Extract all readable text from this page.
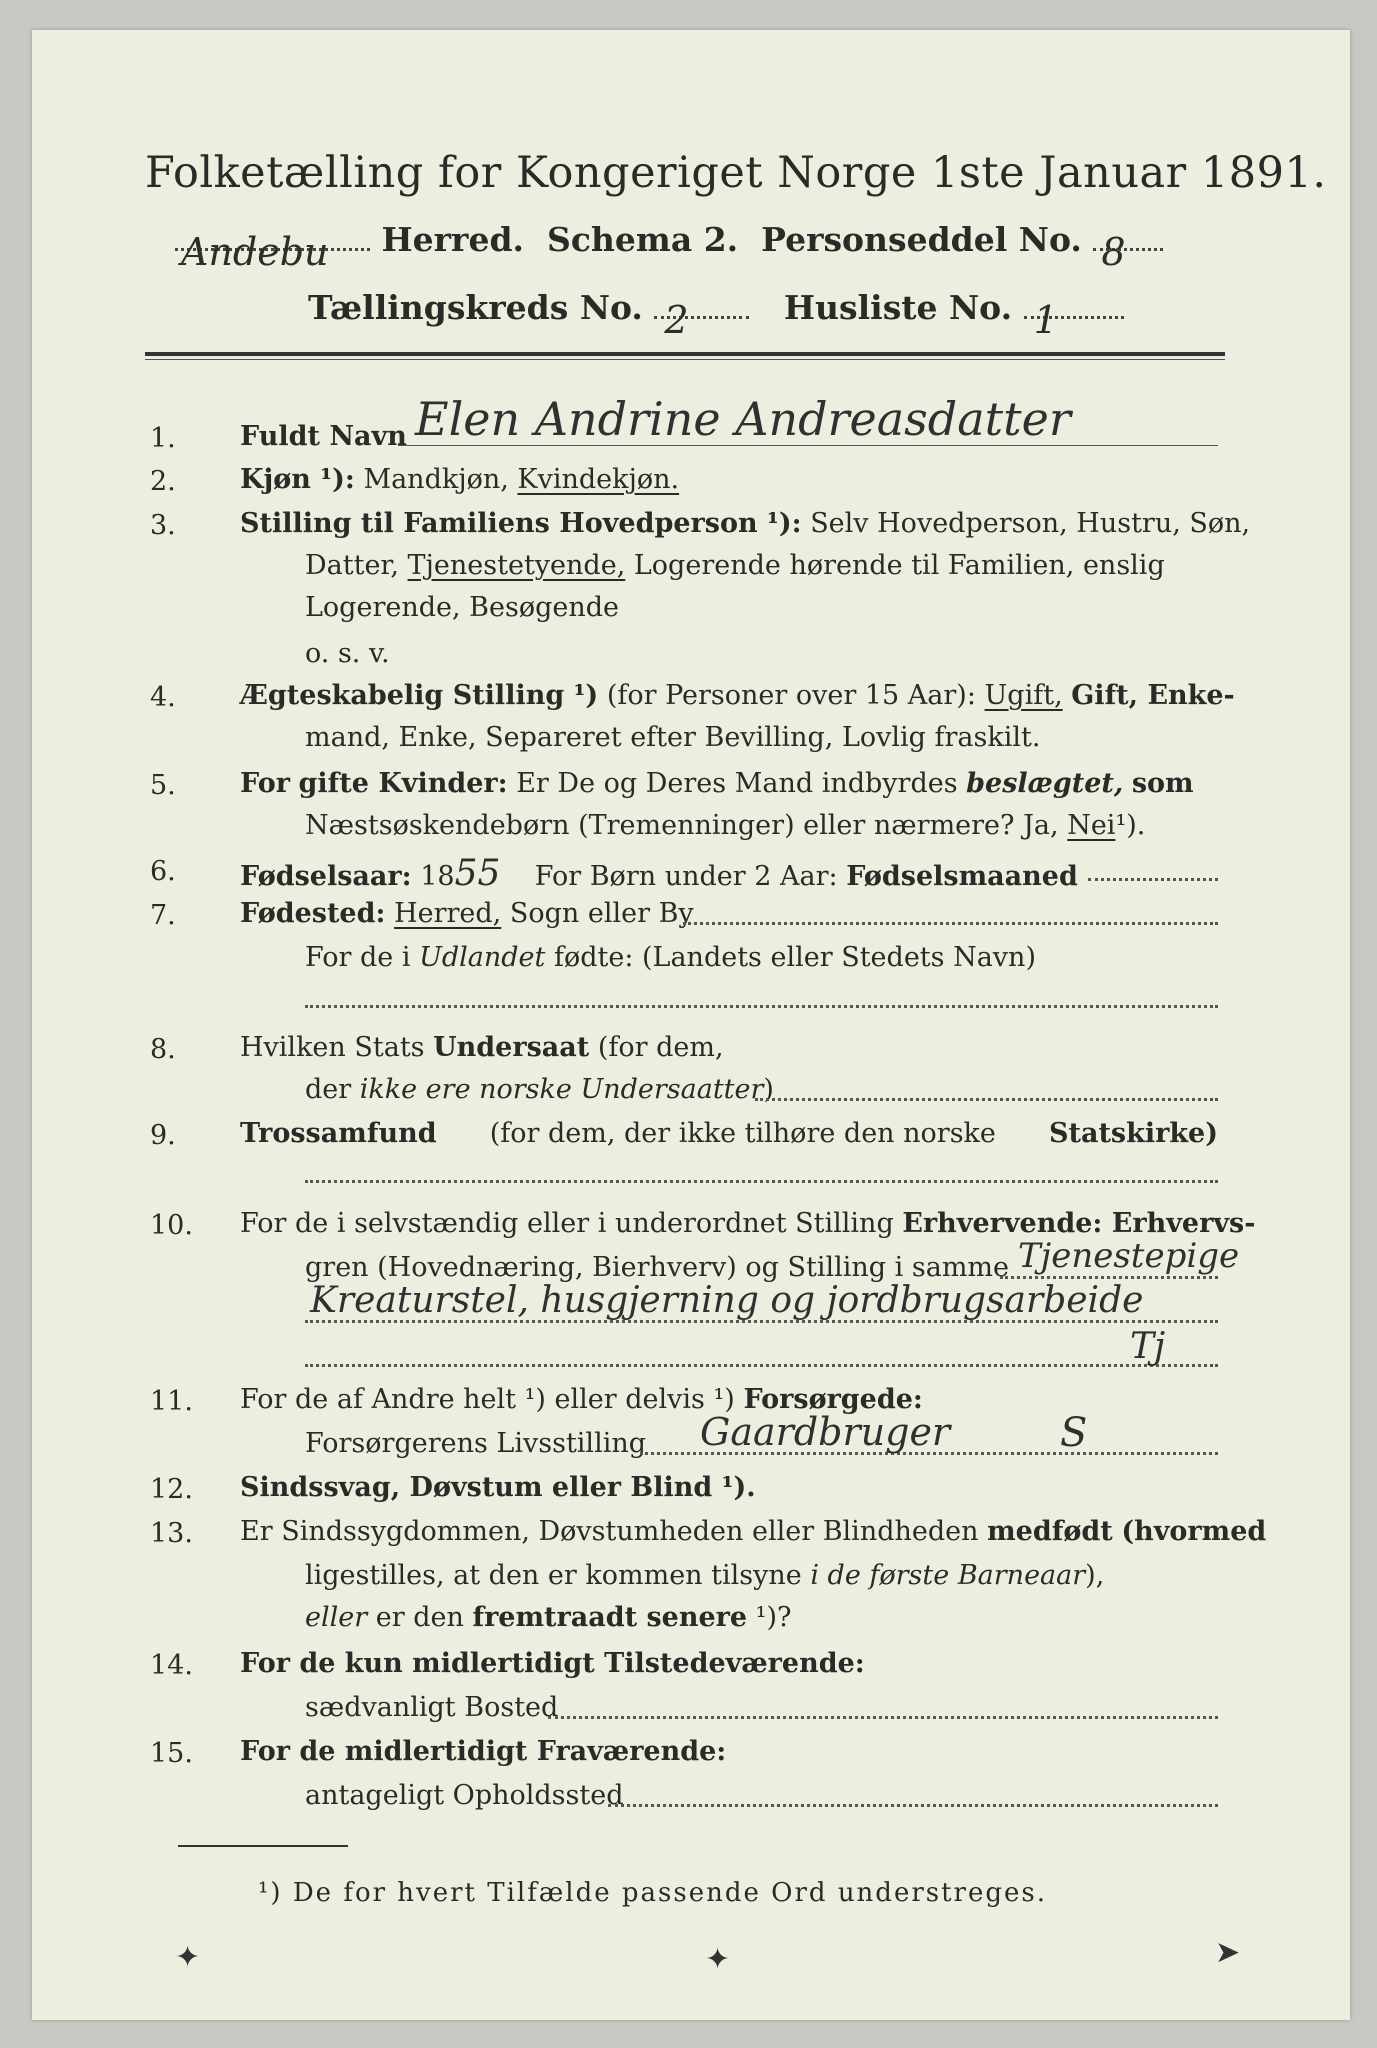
Folketælling for Kongeriget Norge 1ste Januar 1891.
Andebu Herred. Schema 2. Personseddel No. 8
Tællingskreds No. 2	Husliste No. 1
1. Fuldt Navn Elen Andrine Andreasdatter
2. Kjøn ¹): Mandkjøn, Kvindekjøn.
3. Stilling til Familiens Hovedperson ¹): Selv Hovedperson, Hustru, Søn,
Datter, Tjenestetyende, Logerende hørende til Familien, enslig
Logerende, Besøgende
o. s. v.
4. Ægteskabelig Stilling ¹) (for Personer over 15 Aar): Ugift, Gift, Enke-
mand, Enke, Separeret efter Bevilling, Lovlig fraskilt.
5. For gifte Kvinder: Er De og Deres Mand indbyrdes beslægtet, som
Næstsøskendebørn (Tremenninger) eller nærmere? Ja, Nei¹).
6. Fødselsaar: 1855 For Børn under 2 Aar: Fødselsmaaned
7. Fødested: Herred, Sogn eller By
For de i Udlandet fødte: (Landets eller Stedets Navn)
8. Hvilken Stats Undersaat (for dem,
der ikke ere norske Undersaatter)
9. Trossamfund (for dem, der ikke tilhøre den norske Statskirke)
10. For de i selvstændig eller i underordnet Stilling Erhvervende: Erhvervs-
gren (Hovednæring, Bierhverv) og Stilling i samme Tjenestepige
Kreaturstel, husgjerning og jordbrugsarbeide
Tj
11. For de af Andre helt ¹) eller delvis ¹) Forsørgede:
Forsørgerens Livsstilling Gaardbruger	S
12. Sindssvag, Døvstum eller Blind ¹).
13. Er Sindssygdommen, Døvstumheden eller Blindheden medfødt (hvormed
ligestilles, at den er kommen tilsyne i de første Barneaar),
eller er den fremtraadt senere ¹)?
14. For de kun midlertidigt Tilstedeværende:
sædvanligt Bosted
15. For de midlertidigt Fraværende:
antageligt Opholdssted
¹) De for hvert Tilfælde passende Ord understreges.
✦	✦	➤
